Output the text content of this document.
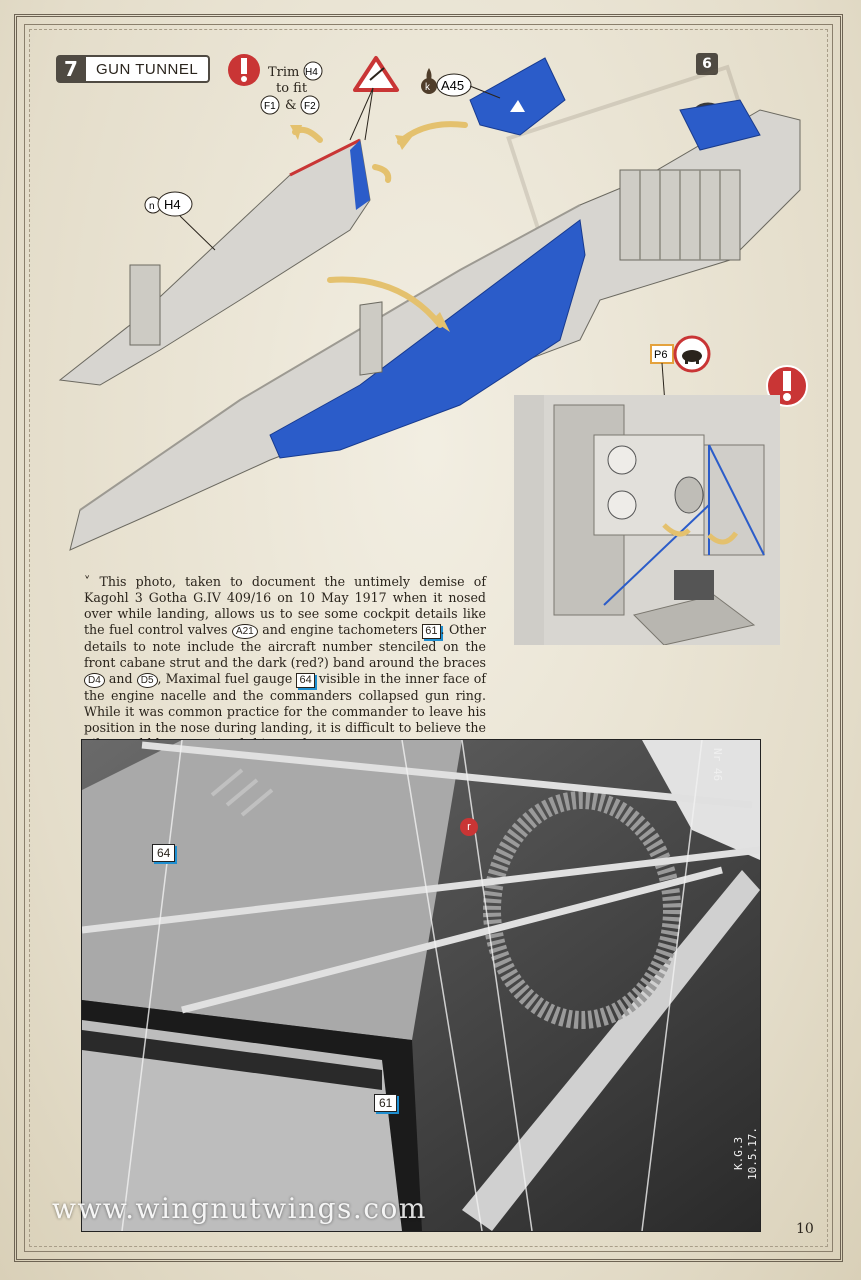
7	GUN TUNNEL	6
Trim
to fit
H4
F1 & F2
k A45
n H4
P6
˅ This photo, taken to document the untimely demise of Kagohl 3 Gotha G.IV 409/16 on 10 May 1917 when it nosed over while landing, allows us to see some cockpit details like the fuel control valves A21 and engine tachometers 61 . Other details to note include the aircraft number stenciled on the front cabane strut and the dark (red?) band around the braces D4 and D5 , Maximal fuel gauge 64 visible in the inner face of the engine nacelle and the commanders collapsed gun ring. While it was common practice for the commander to leave his position in the nose during landing, it is difficult to believe the
64
61
r
Nr 46
K.G.3 10.5.17.
www.wingnutwings.com
10
